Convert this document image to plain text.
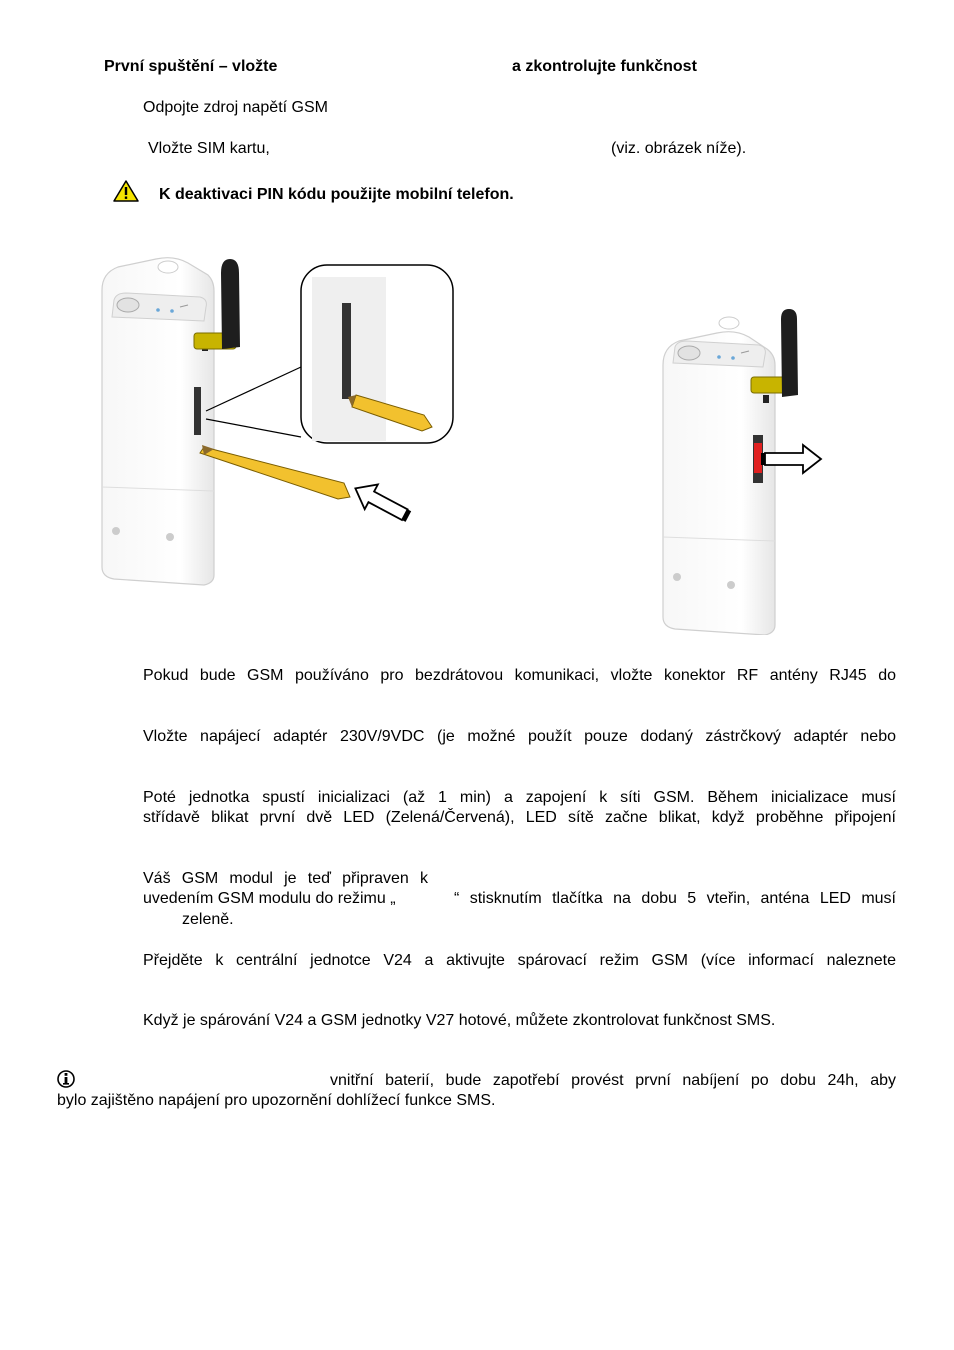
První spuštění – vložte	a zkontrolujte funkčnost
Odpojte zdroj napětí GSM
Vložte SIM kartu,	(viz. obrázek níže).
K deaktivaci PIN kódu použijte mobilní telefon.
Pokud bude GSM používáno pro bezdrátovou komunikaci, vložte konektor RF antény RJ45 do
Vložte napájecí adaptér 230V/9VDC (je možné použít pouze dodaný zástrčkový adaptér nebo
Poté jednotka spustí inicializaci (až 1 min) a zapojení k síti GSM. Během inicializace musí
střídavě blikat první dvě LED (Zelená/Červená), LED sítě začne blikat, když proběhne připojení
Váš GSM modul je teď připraven k
uvedením GSM modulu do režimu „	“ stisknutím tlačítka na dobu 5 vteřin, anténa LED musí
zeleně.
Přejděte k centrální jednotce V24 a aktivujte spárovací režim GSM (více informací naleznete
Když je spárování V24 a GSM jednotky V27 hotové, můžete zkontrolovat funkčnost SMS.
vnitřní baterií, bude zapotřebí provést první nabíjení po dobu 24h, aby
bylo zajištěno napájení pro upozornění dohlížecí funkce SMS.
